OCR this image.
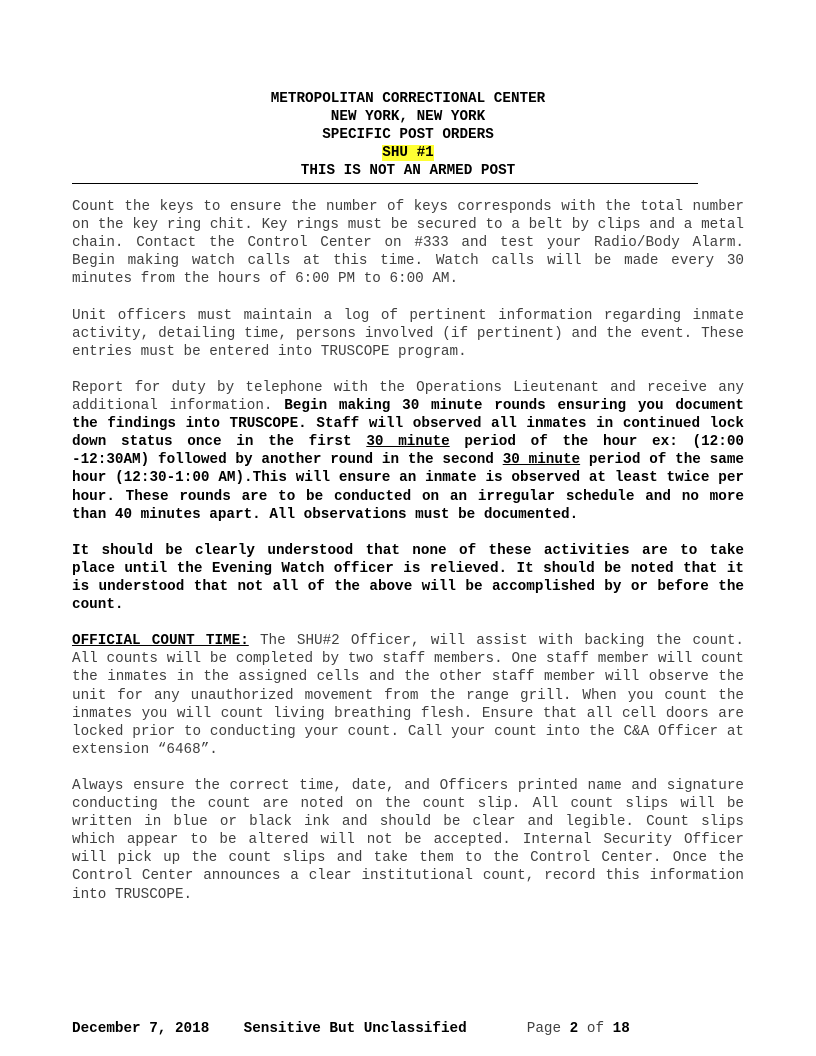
METROPOLITAN CORRECTIONAL CENTER
NEW YORK, NEW YORK
SPECIFIC POST ORDERS
SHU #1
THIS IS NOT AN ARMED POST

Count the keys to ensure the number of keys corresponds with the total number on the key ring chit. Key rings must be secured to a belt by clips and a metal chain. Contact the Control Center on #333 and test your Radio/Body Alarm. Begin making watch calls at this time. Watch calls will be made every 30 minutes from the hours of 6:00 PM to 6:00 AM.

Unit officers must maintain a log of pertinent information regarding inmate activity, detailing time, persons involved (if pertinent) and the event. These entries must be entered into TRUSCOPE program.

Report for duty by telephone with the Operations Lieutenant and receive any additional information. Begin making 30 minute rounds ensuring you document the findings into TRUSCOPE. Staff will observed all inmates in continued lock down status once in the first 30 minute period of the hour ex: (12:00 -12:30AM) followed by another round in the second 30 minute period of the same hour (12:30-1:00 AM).This will ensure an inmate is observed at least twice per hour. These rounds are to be conducted on an irregular schedule and no more than 40 minutes apart. All observations must be documented.

It should be clearly understood that none of these activities are to take place until the Evening Watch officer is relieved. It should be noted that it is understood that not all of the above will be accomplished by or before the count.

OFFICIAL COUNT TIME: The SHU#2 Officer, will assist with backing the count. All counts will be completed by two staff members. One staff member will count the inmates in the assigned cells and the other staff member will observe the unit for any unauthorized movement from the range grill. When you count the inmates you will count living breathing flesh. Ensure that all cell doors are locked prior to conducting your count. Call your count into the C&A Officer at extension “6468”.

Always ensure the correct time, date, and Officers printed name and signature conducting the count are noted on the count slip. All count slips will be written in blue or black ink and should be clear and legible. Count slips which appear to be altered will not be accepted. Internal Security Officer will pick up the count slips and take them to the Control Center. Once the Control Center announces a clear institutional count, record this information into TRUSCOPE.

December 7, 2018 Sensitive But Unclassified	Page 2 of 18
